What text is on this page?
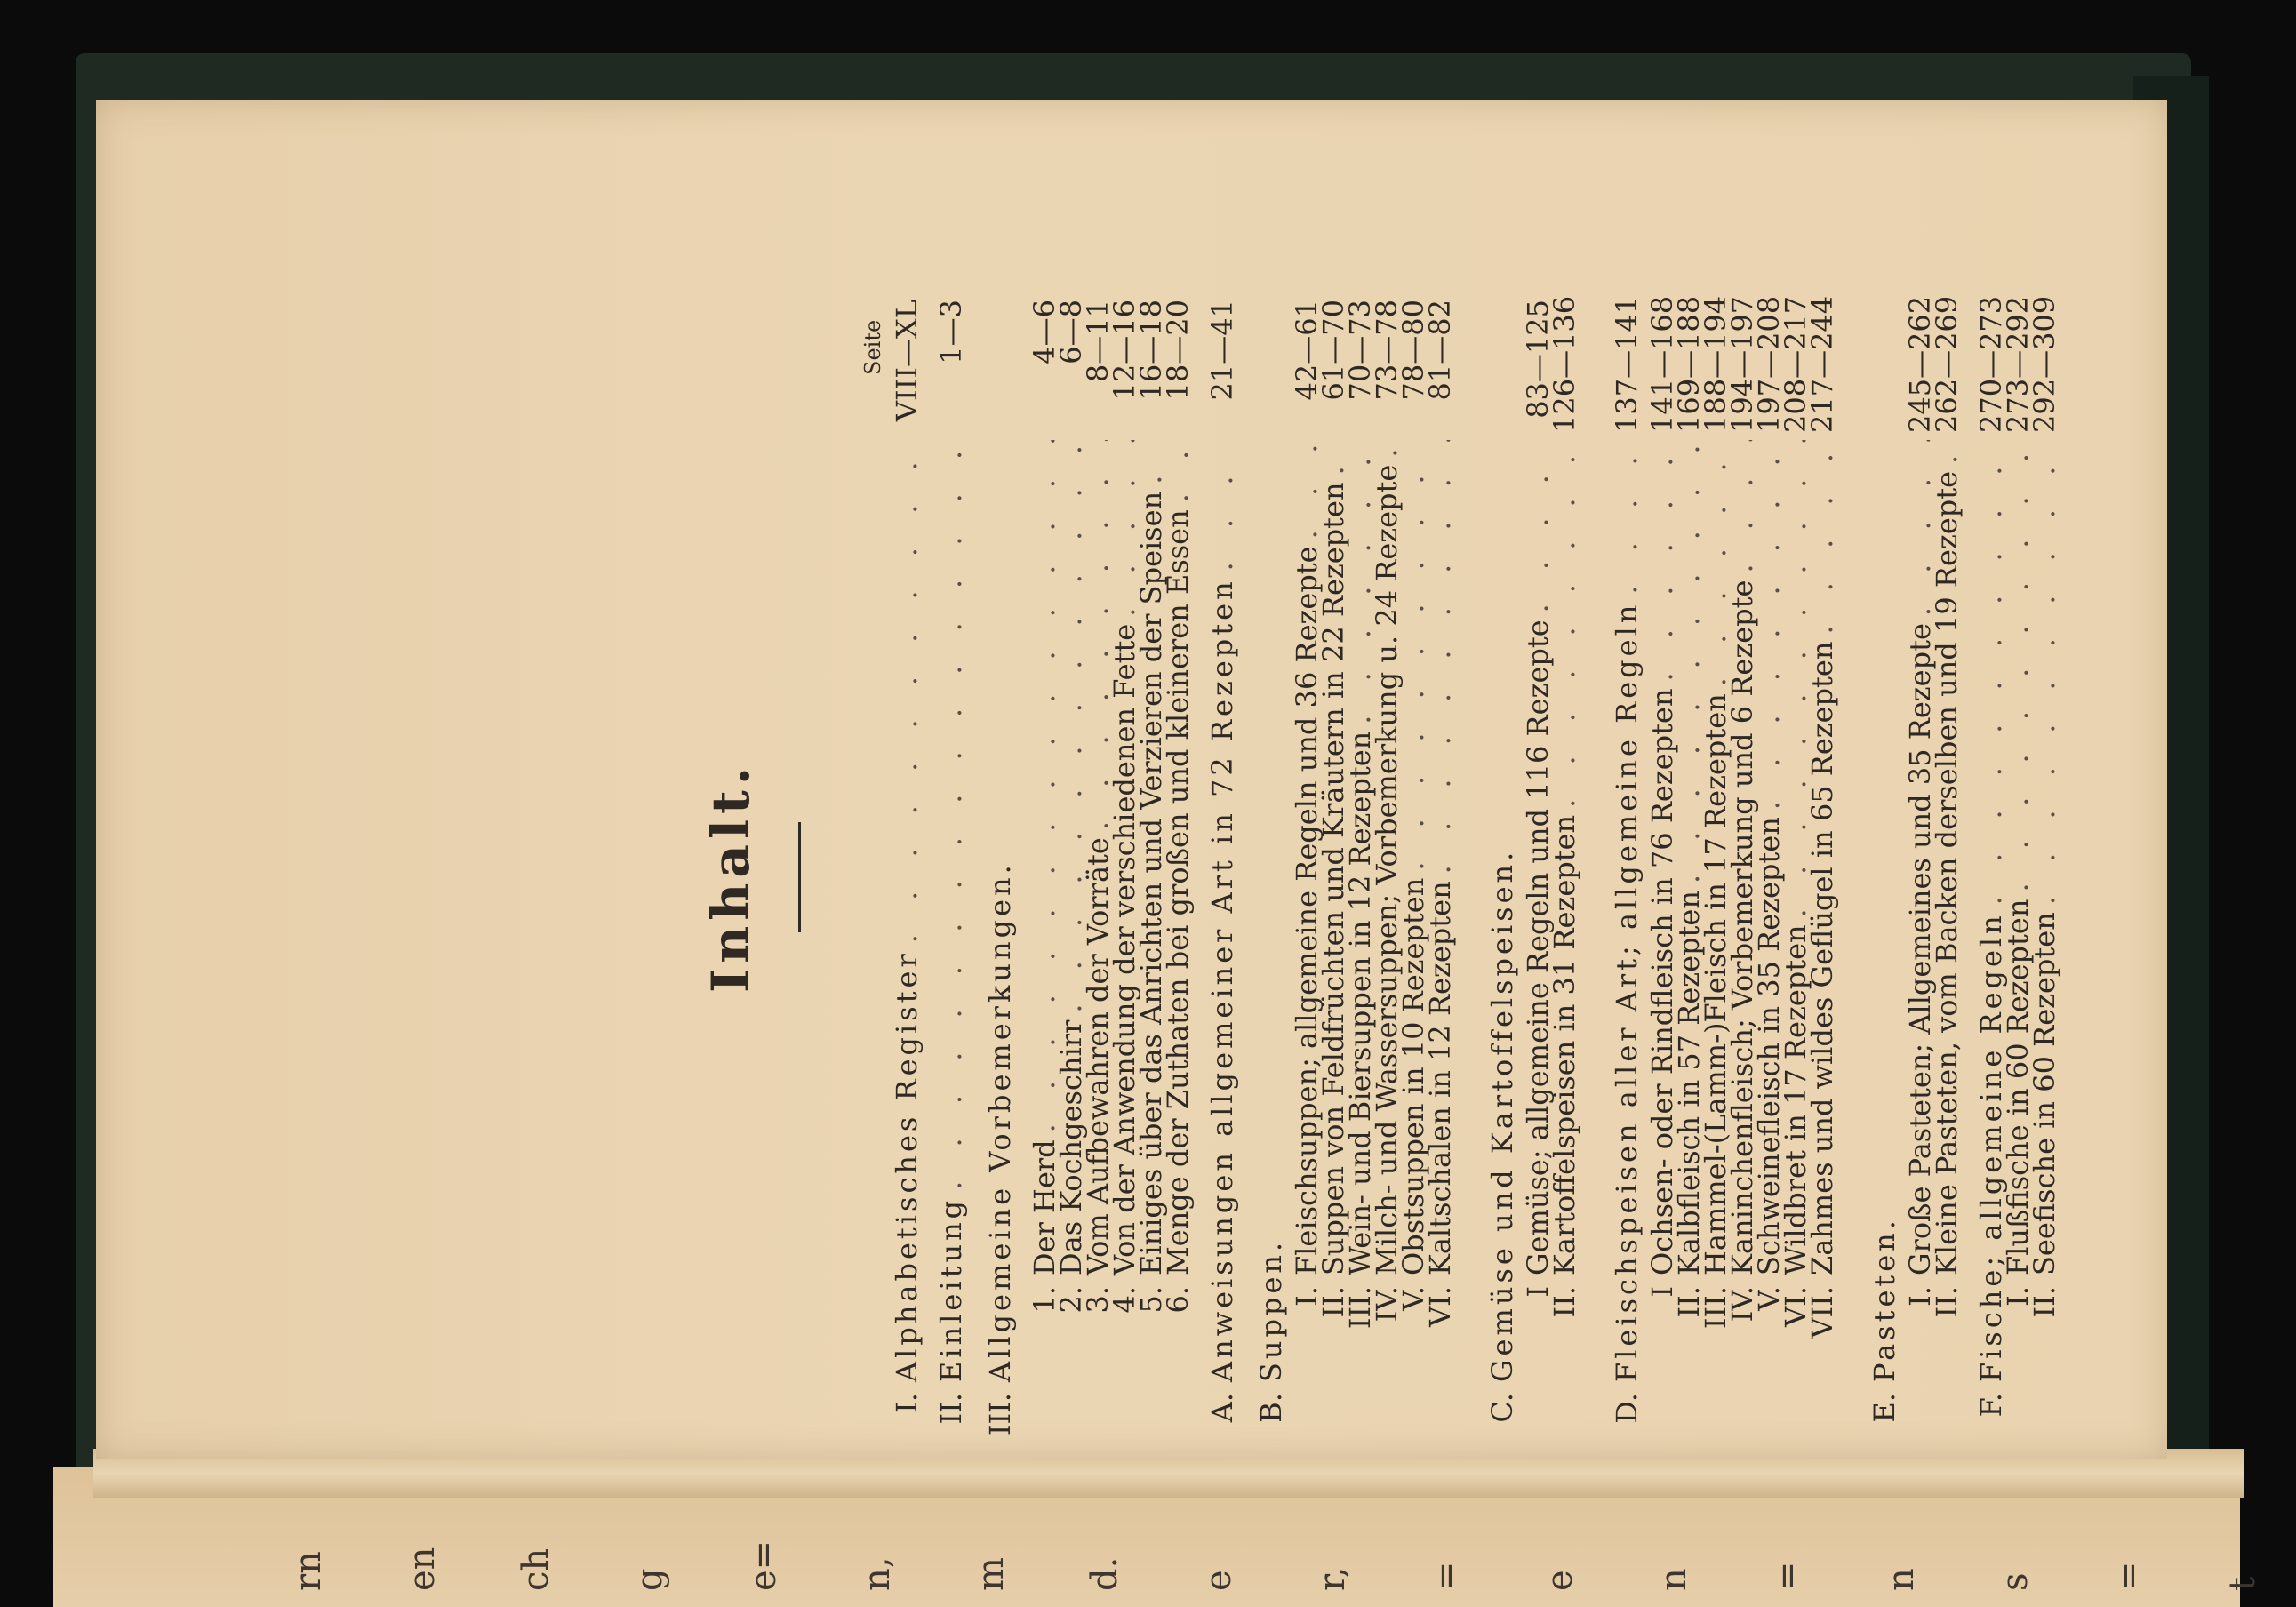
t
=
s
n
=
n
e
=
r,
e
d.
m
n,
e=
g
ch
en
rn
Inhalt.
Seite
I.
Alphabetisches Register
. . .
VIII—XL
II.
Einleitung
. . .
1—3
III.
Allgemeine Vorbemerkungen. 1.
Der Herd
. . .
4—6
2.
Das Kochgeschirr
. . .
6—8
3.
Vom Aufbewahren der Vorräte
. . .
8—11
4.
Von der Anwendung der verschiedenen Fette
. . .
12—16
5.
Einiges über das Anrichten und Verzieren der Speisen
. . .
16—18
6.
Menge der Zuthaten bei großen und kleineren Essen
. . .
18—20
A.
Anweisungen allgemeiner Art in 72 Rezepten
. . .
21—41
B.
Suppen. I.
Fleischsuppen; allgemeine Regeln und 36 Rezepte
. . .
42—61
II.
Suppen von Feldfrüchten und Kräutern in 22 Rezepten
. . .
61—70
III.
Wein- und Biersuppen in 12 Rezepten
. . .
70—73
IV.
Milch- und Wassersuppen; Vorbemerkung u. 24 Rezepte
. . .
73—78
V.
Obstsuppen in 10 Rezepten
. . .
78—80
VI.
Kaltschalen in 12 Rezepten
. . .
81—82
C.
Gemüse und Kartoffelspeisen. I
Gemüse; allgemeine Regeln und 116 Rezepte
. . .
83—125
II.
Kartoffelspeisen in 31 Rezepten
. . .
126—136
D.
Fleischspeisen aller Art; allgemeine Regeln
. . .
137—141
I
Ochsen- oder Rindfleisch in 76 Rezepten
. . .
141—168
II.
Kalbfleisch in 57 Rezepten
. . .
169—188
III.
Hammel-(Lamm-)Fleisch in 17 Rezepten
. . .
188—194
IV.
Kaninchenfleisch; Vorbemerkung und 6 Rezepte
. . .
194—197
V.
Schweinefleisch in 35 Rezepten
. . .
197—208
VI.
Wildbret in 17 Rezepten
. . .
208—217
VII.
Zahmes und wildes Geflügel in 65 Rezepten
. . .
217—244
E.
Pasteten. I.
Große Pasteten; Allgemeines und 35 Rezepte
. . .
245—262
II.
Kleine Pasteten, vom Backen derselben und 19 Rezepte
. . .
262—269
F.
Fische; allgemeine Regeln
. . .
270—273
I.
Flußfische in 60 Rezepten
. . .
273—292
II.
Seefische in 60 Rezepten
. . .
292—309
